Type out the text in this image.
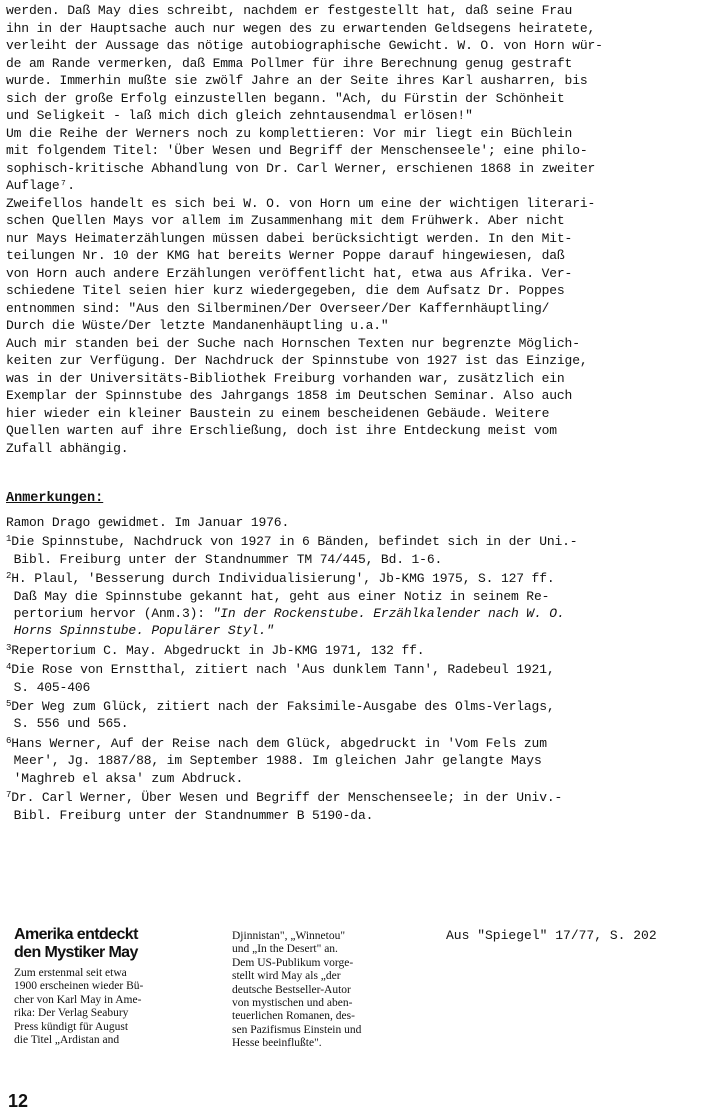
werden. Daß May dies schreibt, nachdem er festgestellt hat, daß seine Frau
ihn in der Hauptsache auch nur wegen des zu erwartenden Geldsegens heiratete,
verleiht der Aussage das nötige autobiographische Gewicht. W. O. von Horn wür-
de am Rande vermerken, daß Emma Pollmer für ihre Berechnung genug gestraft
wurde. Immerhin mußte sie zwölf Jahre an der Seite ihres Karl ausharren, bis
sich der große Erfolg einzustellen begann. "Ach, du Fürstin der Schönheit
und Seligkeit - laß mich dich gleich zehntausendmal erlösen!"
Um die Reihe der Werners noch zu komplettieren: Vor mir liegt ein Büchlein
mit folgendem Titel: 'Über Wesen und Begriff der Menschenseele'; eine philo-
sophisch-kritische Abhandlung von Dr. Carl Werner, erschienen 1868 in zweiter
Auflage⁷.
Zweifellos handelt es sich bei W. O. von Horn um eine der wichtigen literari-
schen Quellen Mays vor allem im Zusammenhang mit dem Frühwerk. Aber nicht
nur Mays Heimaterzählungen müssen dabei berücksichtigt werden. In den Mit-
teilungen Nr. 10 der KMG hat bereits Werner Poppe darauf hingewiesen, daß
von Horn auch andere Erzählungen veröffentlicht hat, etwa aus Afrika. Ver-
schiedene Titel seien hier kurz wiedergegeben, die dem Aufsatz Dr. Poppes
entnommen sind: "Aus den Silberminen/Der Overseer/Der Kaffernhäuptling/
Durch die Wüste/Der letzte Mandanenhäuptling u.a."
Auch mir standen bei der Suche nach Hornschen Texten nur begrenzte Möglich-
keiten zur Verfügung. Der Nachdruck der Spinnstube von 1927 ist das Einzige,
was in der Universitäts-Bibliothek Freiburg vorhanden war, zusätzlich ein
Exemplar der Spinnstube des Jahrgangs 1858 im Deutschen Seminar. Also auch
hier wieder ein kleiner Baustein zu einem bescheidenen Gebäude. Weitere
Quellen warten auf ihre Erschließung, doch ist ihre Entdeckung meist vom
Zufall abhängig.
Anmerkungen:
Ramon Drago gewidmet. Im Januar 1976.
$^1$Die Spinnstube, Nachdruck von 1927 in 6 Bänden, befindet sich in der Uni.-
Bibl. Freiburg unter der Standnummer TM 74/445, Bd. 1-6.
$^2$H. Plaul, 'Besserung durch Individualisierung', Jb-KMG 1975, S. 127 ff.
Daß May die Spinnstube gekannt hat, geht aus einer Notiz in seinem Re-
pertorium hervor (Anm.3): "In der Rockenstube. Erzählkalender nach W. O.
Horns Spinnstube. Populärer Styl."
$^3$Repertorium C. May. Abgedruckt in Jb-KMG 1971, 132 ff.
$^4$Die Rose von Ernstthal, zitiert nach 'Aus dunklem Tann', Radebeul 1921,
S. 405-406
$^5$Der Weg zum Glück, zitiert nach der Faksimile-Ausgabe des Olms-Verlags,
S. 556 und 565.
$^6$Hans Werner, Auf der Reise nach dem Glück, abgedruckt in 'Vom Fels zum
Meer', Jg. 1887/88, im September 1988. Im gleichen Jahr gelangte Mays
'Maghreb el aksa' zum Abdruck.
$^7$Dr. Carl Werner, Über Wesen und Begriff der Menschenseele; in der Univ.-
Bibl. Freiburg unter der Standnummer B 5190-da.
Amerika entdeckt
den Mystiker May
Zum erstenmal seit etwa
1900 erscheinen wieder Bü-
cher von Karl May in Ame-
rika: Der Verlag Seabury
Press kündigt für August
die Titel „Ardistan and
Djinnistan", „Winnetou"
und „In the Desert" an.
Dem US-Publikum vorge-
stellt wird May als „der
deutsche Bestseller-Autor
von mystischen und aben-
teuerlichen Romanen, des-
sen Pazifismus Einstein und
Hesse beeinflußte".
Aus "Spiegel" 17/77, S. 202
12
